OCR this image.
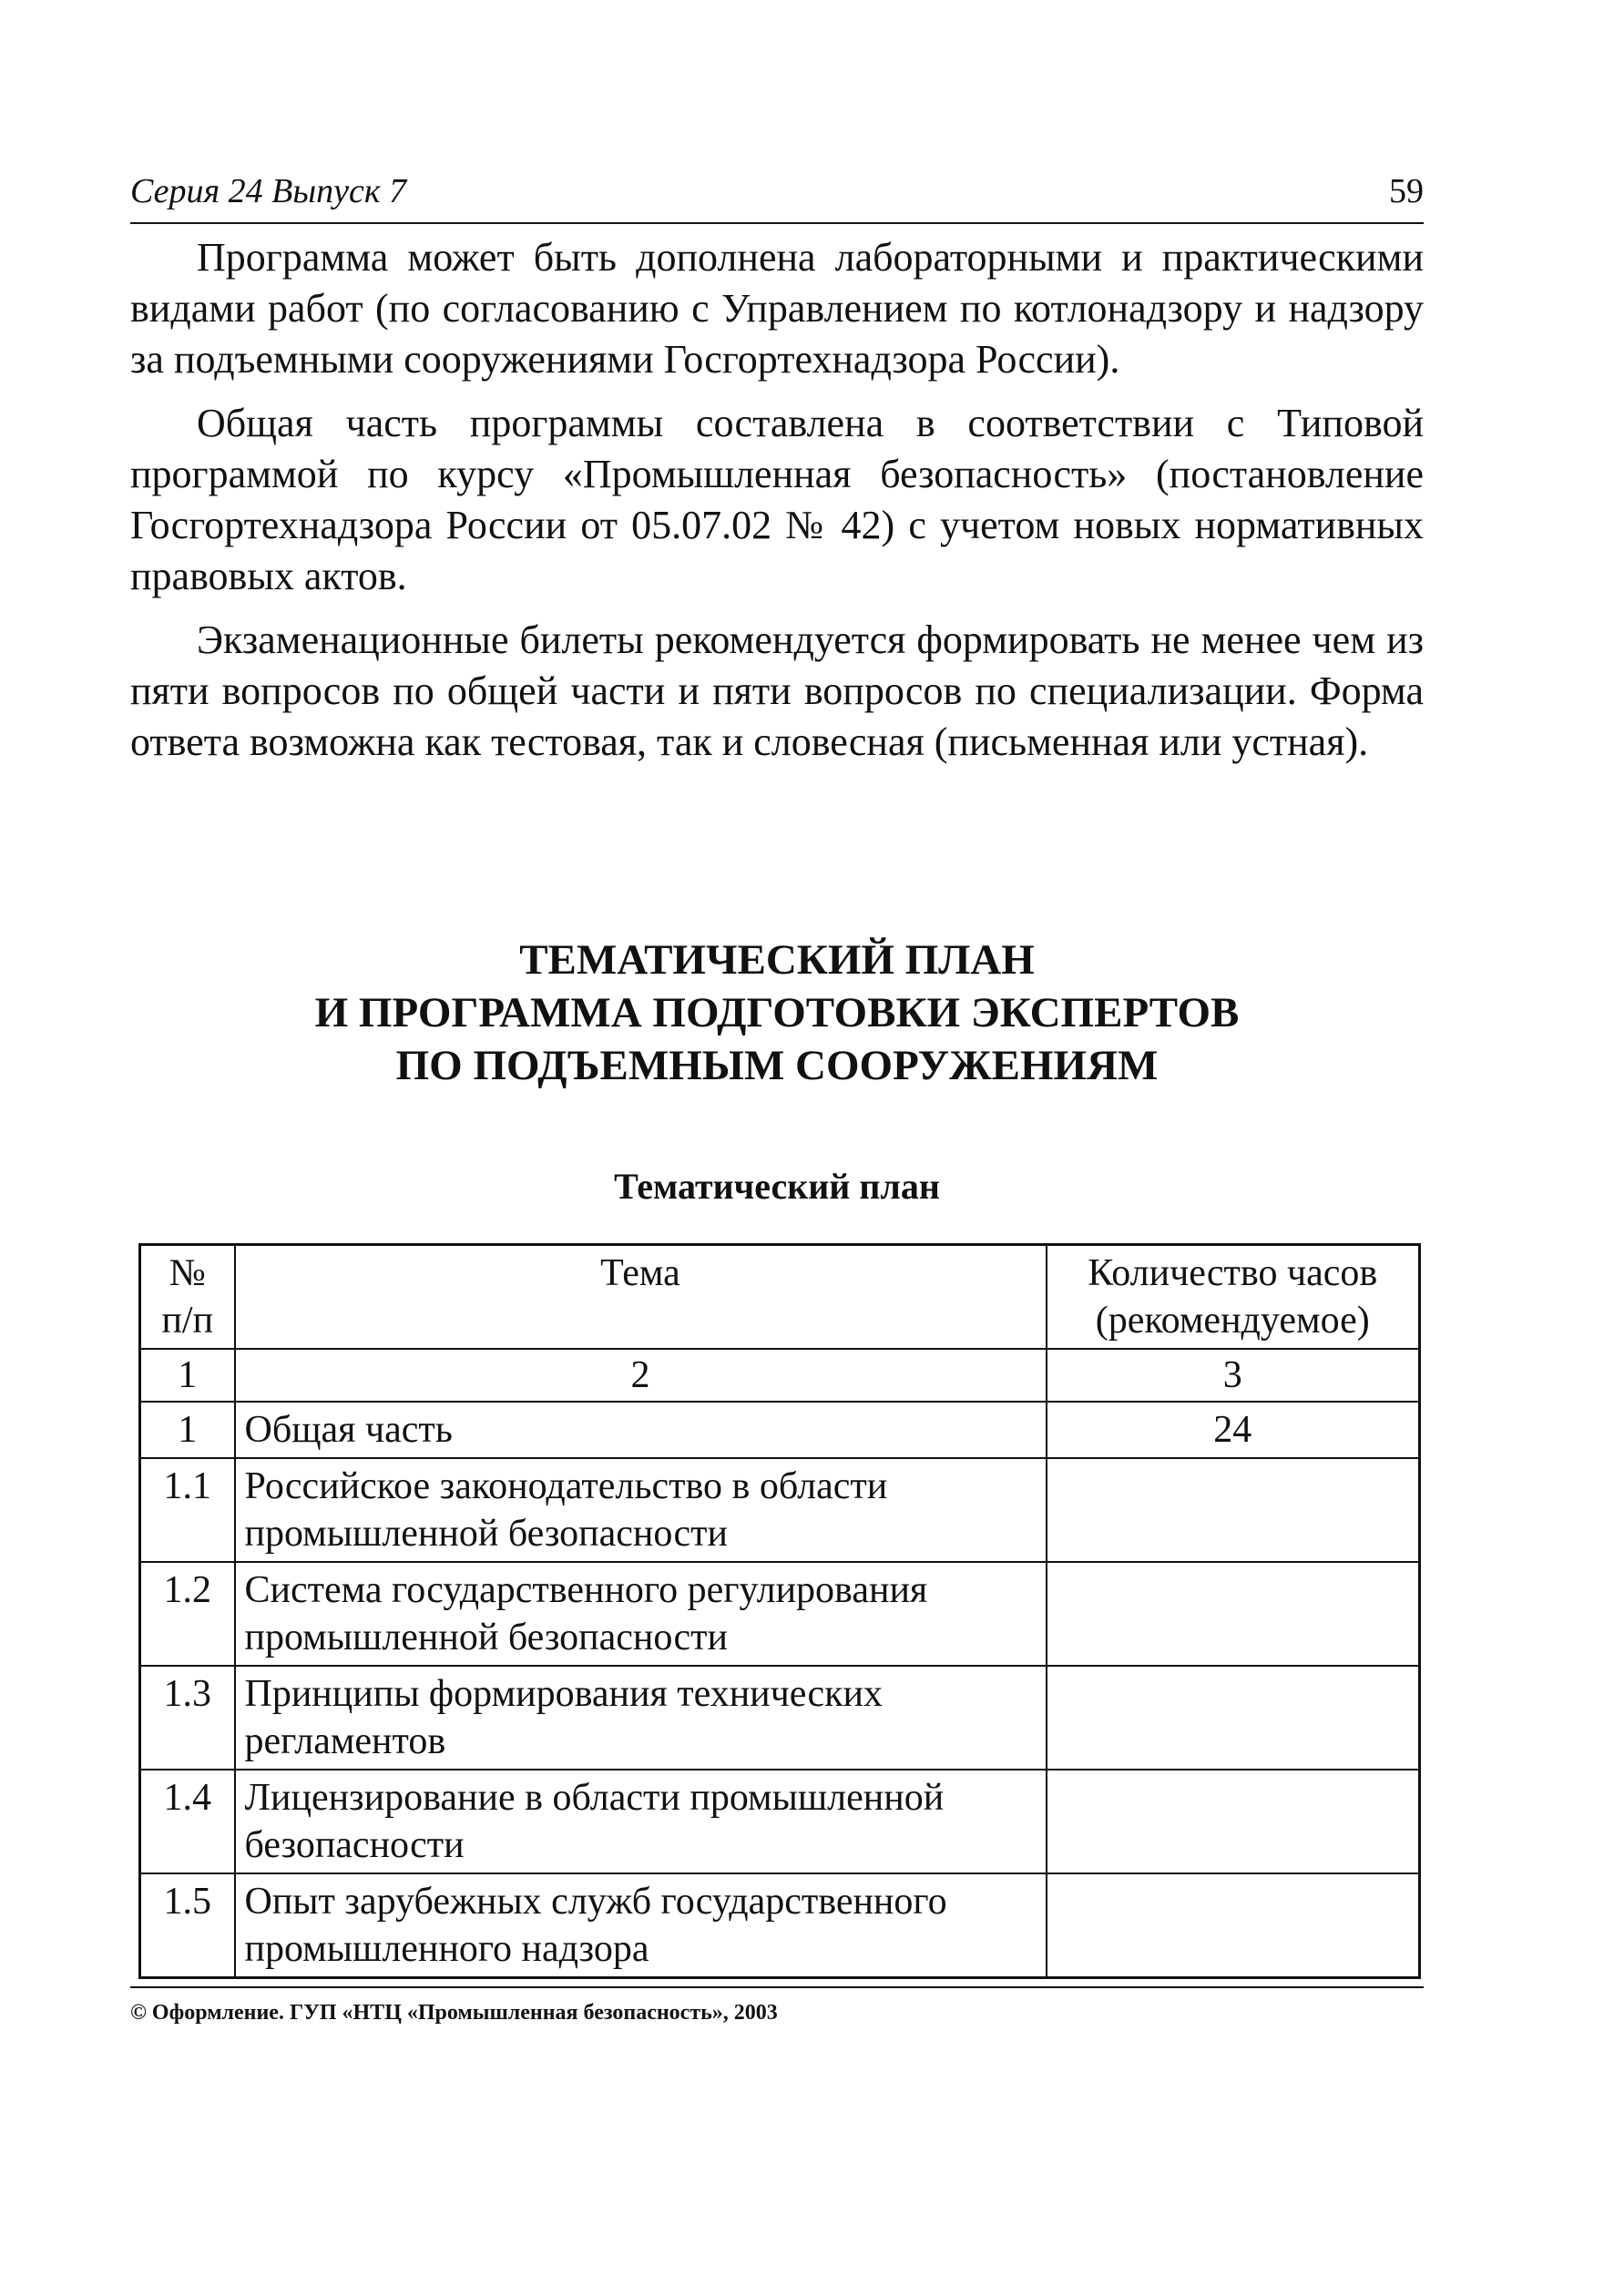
Серия 24 Выпуск 7	59

Программа может быть дополнена лабораторными и практическими видами работ (по согласованию с Управлением по котлонадзору и надзору за подъемными сооружениями Госгортехнадзора России).

Общая часть программы составлена в соответствии с Типовой программой по курсу «Промышленная безопасность» (постановление Госгортехнадзора России от 05.07.02 № 42) с учетом новых нормативных правовых актов.

Экзаменационные билеты рекомендуется формировать не менее чем из пяти вопросов по общей части и пяти вопросов по специализации. Форма ответа возможна как тестовая, так и словесная (письменная или устная).

ТЕМАТИЧЕСКИЙ ПЛАН
И ПРОГРАММА ПОДГОТОВКИ ЭКСПЕРТОВ
ПО ПОДЪЕМНЫМ СООРУЖЕНИЯМ
Тематический план
№ п/п	Тема	Количество часов (рекомендуемое)
1	2	3
1	Общая часть	24
1.1	Российское законодательство в области промышленной безопасности	
1.2	Система государственного регулирования промышленной безопасности	
1.3	Принципы формирования технических регламентов	
1.4	Лицензирование в области промышленной безопасности	
1.5	Опыт зарубежных служб государственного промышленного надзора	
© Оформление. ГУП «НТЦ «Промышленная безопасность», 2003
